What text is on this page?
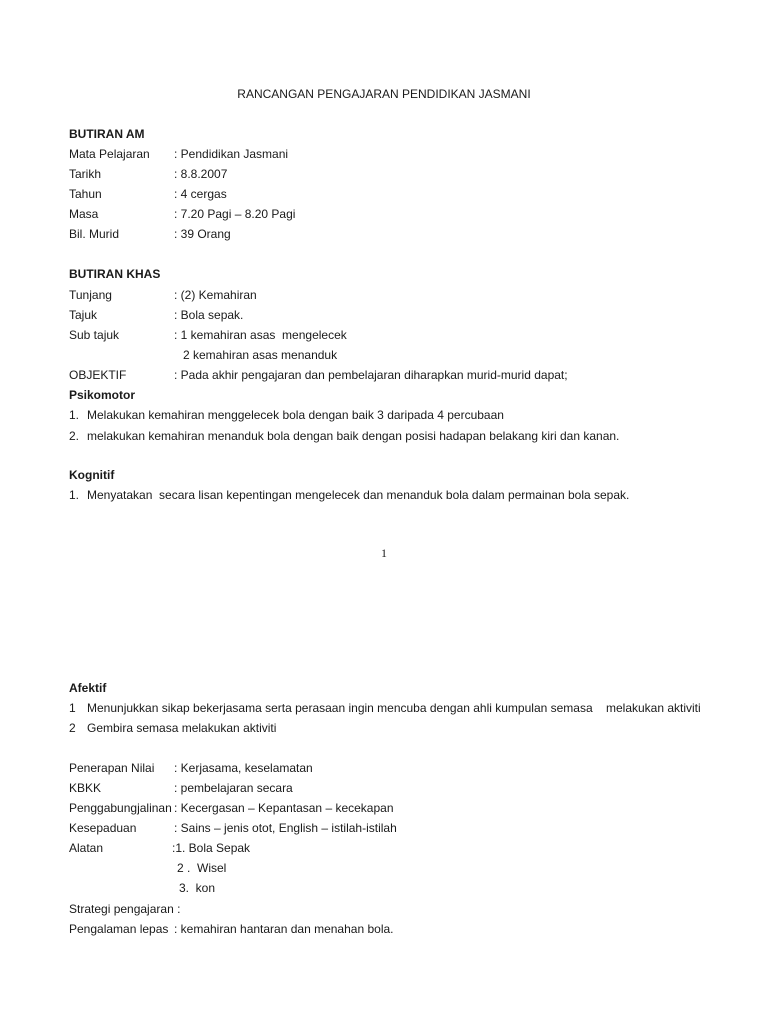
RANCANGAN PENGAJARAN PENDIDIKAN JASMANI
BUTIRAN AM
Mata Pelajaran : Pendidikan Jasmani
Tarikh	: 8.8.2007
Tahun	: 4 cergas
Masa	: 7.20 Pagi – 8.20 Pagi
Bil. Murid	: 39 Orang
BUTIRAN KHAS
Tunjang	: (2) Kemahiran
Tajuk	: Bola sepak.
Sub tajuk	: 1 kemahiran asas  mengelecek
2 kemahiran asas menanduk
OBJEKTIF	: Pada akhir pengajaran dan pembelajaran diharapkan murid-murid dapat;
Psikomotor
1. Melakukan kemahiran menggelecek bola dengan baik 3 daripada 4 percubaan
2. melakukan kemahiran menanduk bola dengan baik dengan posisi hadapan belakang kiri dan kanan.
Kognitif
1. Menyatakan  secara lisan kepentingan mengelecek dan menanduk bola dalam permainan bola sepak.
1
Afektif
1 Menunjukkan sikap bekerjasama serta perasaan ingin mencuba dengan ahli kumpulan semasa    melakukan aktiviti
2 Gembira semasa melakukan aktiviti
Penerapan Nilai : Kerjasama, keselamatan
KBKK	: pembelajaran secara
Penggabungjalinan : Kecergasan – Kepantasan – kecekapan
Kesepaduan	: Sains – jenis otot, English – istilah-istilah
Alatan	:1. Bola Sepak
2 .  Wisel
3.  kon
Strategi pengajaran :
Pengalaman lepas : kemahiran hantaran dan menahan bola.
